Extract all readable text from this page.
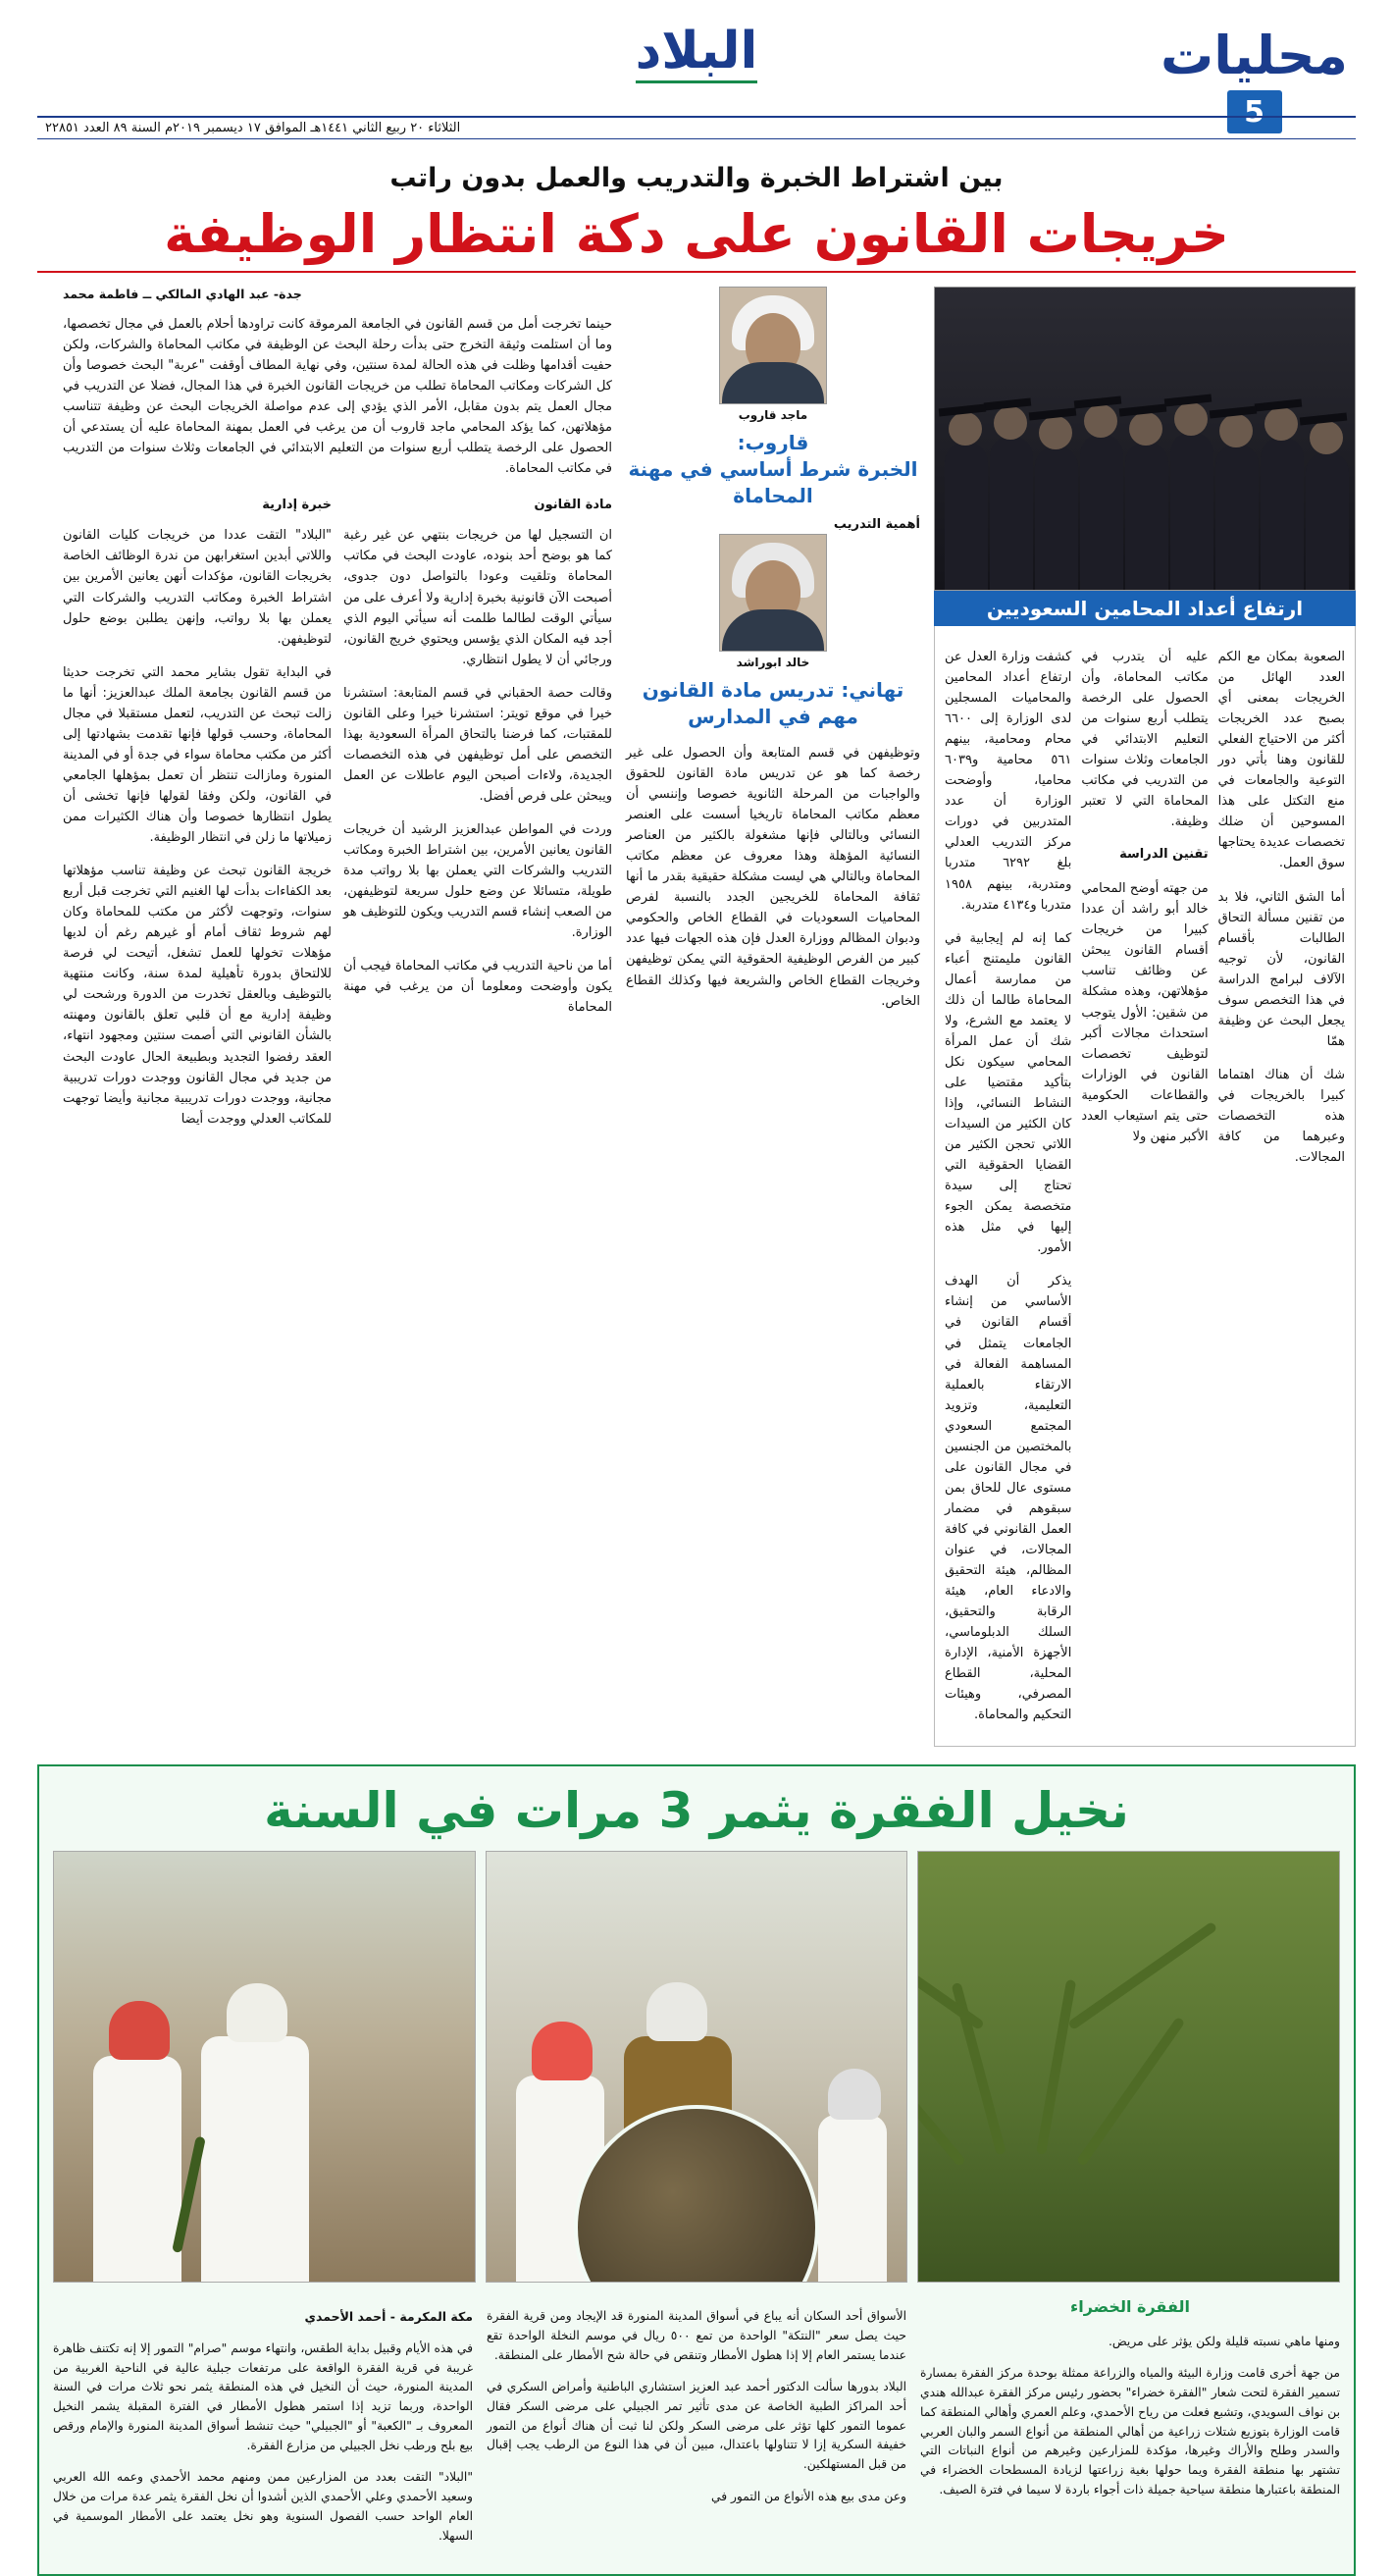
محليات
5
البلاد
الثلاثاء ٢٠ ربيع الثاني ١٤٤١هـ الموافق ١٧ ديسمبر ٢٠١٩م السنة ٨٩ العدد ٢٢٨٥١
بين اشتراط الخبرة والتدريب والعمل بدون راتب
خريجات القانون على دكة انتظار الوظيفة
ارتفاع أعداد المحامين السعوديين

الصعوبة بمكان مع الكم العدد الهائل من الخريجات بمعنى أي بصبح عدد الخريجات أكثر من الاحتياج الفعلي للقانون وهنا بأتي دور التوعية والجامعات في منع التكتل على هذا المسوحين أن ضلك تخصصات عديدة يحتاجها سوق العمل.

أما الشق الثاني، فلا بد من تقنين مسألة التحاق الطالبات بأقسام القانون، لأن توجيه الآلاف لبرامج الدراسة في هذا التخصص سوف يجعل البحث عن وظيفة همّا

شك أن هناك اهتماما كبيرا بالخريجات في هذه التخصصات وعبرهما من كافة المجالات.

عليه أن يتدرب في مكاتب المحاماة، وأن الحصول على الرخصة يتطلب أربع سنوات من التعليم الابتدائي في الجامعات وثلاث سنوات من التدريب في مكاتب المحاماة التي لا تعتبر وظيفة.

تقنين الدراسة

من جهته أوضح المحامي خالد أبو راشد أن عددا كبيرا من خريجات أقسام القانون يبحثن عن وظائف تناسب مؤهلاتهن، وهذه مشكلة من شقين: الأول يتوجب استحداث مجالات أكبر لتوظيف تخصصات القانون في الوزارات والقطاعات الحكومية حتى يتم استيعاب العدد الأكبر منهن ولا

كشفت وزارة العدل عن ارتفاع أعداد المحامين والمحاميات المسجلين لدى الوزارة إلى ٦٦٠٠ محام ومحامية، بينهم ٥٦١ محامية و٦٠٣٩ محاميا، وأوضحت الوزارة أن عدد المتدربين في دورات مركز التدريب العدلي بلغ ٦٢٩٢ متدربا ومتدربة، بينهم ١٩٥٨ متدربا و٤١٣٤ متدربة.

كما إنه لم إيجابية في القانون مليمتنج أعباء من ممارسة أعمال المحاماة طالما أن ذلك لا يعتمد مع الشرع، ولا شك أن عمل المرأة المحامي سيكون نكل بتأكيد مقتضيا على النشاط النسائي، وإذا كان الكثير من السيدات اللاتي تحجن الكثير من القضايا الحقوقية التي تحتاج إلى سيدة متخصصة يمكن الجوء إليها في مثل هذه الأمور.

يذكر أن الهدف الأساسي من إنشاء أقسام القانون في الجامعات يتمثل في المساهمة الفعالة في الارتقاء بالعملية التعليمية، وتزويد المجتمع السعودي بالمختصين من الجنسين في مجال القانون على مستوى عال للحاق بمن سبقوهم في مضمار العمل القانوني في كافة المجالات، في عنوان المظالم، هيئة التحقيق والادعاء العام، هيئة الرقابة والتحقيق، السلك الدبلوماسي، الأجهزة الأمنية، الإدارة المحلية، القطاع المصرفي، وهيئات التحكيم والمحاماة.

ماجد قاروب
قاروب:
الخبرة شرط أساسي في مهنة المحاماة
أهمية التدريب
خالد ابوراشد
تهاني: تدريس مادة القانون مهم في المدارس

وتوظيفهن في قسم المتابعة وأن الحصول على غير رخصة كما هو عن تدريس مادة القانون للحقوق والواجبات من المرحلة الثانوية خصوصا وإننسي أن معظم مكاتب المحاماة تاريخيا أسست على العنصر النسائي وبالتالي فإنها مشغولة بالكثير من العناصر النسائية المؤهلة وهذا معروف عن معظم مكاتب المحاماة وبالتالي هي ليست مشكلة حقيقية بقدر ما أنها ثقافة المحاماة للخريجين الجدد بالنسبة لفرص المحاميات السعوديات في القطاع الخاص والحكومي ودبوان المظالم ووزارة العدل فإن هذه الجهات فيها عدد كبير من الفرص الوظيفية الحقوقية التي يمكن توظيفهن وخريجات القطاع الخاص والشريعة فيها وكذلك القطاع الخاص.

جدة- عبد الهادي المالكي ــ فاطمة محمد

حينما تخرجت أمل من قسم القانون في الجامعة المرموقة كانت تراودها أحلام بالعمل في مجال تخصصها، وما أن استلمت وثيقة التخرج حتى بدأت رحلة البحث عن الوظيفة في مكاتب المحاماة والشركات، ولكن حفيت أقدامها وظلت في هذه الحالة لمدة سنتين، وفي نهاية المطاف أوقفت "عربة" البحث خصوصا وأن كل الشركات ومكاتب المحاماة تطلب من خريجات القانون الخبرة في هذا المجال، فضلا عن التدريب في مجال العمل يتم بدون مقابل، الأمر الذي يؤدي إلى عدم مواصلة الخريجات البحث عن وظيفة تتناسب مؤهلاتهن، كما يؤكد المحامي ماجد قاروب أن من يرغب في العمل بمهنة المحاماة عليه أن يستدعي أن الحصول على الرخصة يتطلب أربع سنوات من التعليم الابتدائي في الجامعات وثلاث سنوات من التدريب في مكاتب المحاماة.

مادة القانون

ان التسجيل لها من خريجات بنتهي عن غير رغبة كما هو بوضح أحد بنوده، عاودت البحث في مكاتب المحاماة وتلقيت وعودا بالتواصل دون جدوى، أصبحت الآن قانونية بخبرة إدارية ولا أعرف على من سيأتي الوقت لطالما طلمت أنه سيأتي اليوم الذي أجد فيه المكان الذي يؤسس ويحتوي خريج القانون، ورجائي أن لا يطول انتظاري.

وقالت حصة الحقباني في قسم المتابعة: استشرنا خيرا في موقع تويتر: استشرنا خيرا وعلى القانون للمقتبات، كما فرضنا بالتحاق المرأة السعودية بهذا التخصص على أمل توظيفهن في هذه التخصصات الجديدة، ولاءات أصبحن اليوم عاطلات عن العمل ويبحثن على فرص أفضل.

وردت في المواطن عبدالعزيز الرشيد أن خريجات القانون يعانين الأمرين، بين اشتراط الخبرة ومكاتب التدريب والشركات التي يعملن بها بلا رواتب مدة طويلة، متسائلا عن وضع حلول سريعة لتوظيفهن، من الصعب إنشاء قسم التدريب ويكون للتوظيف هو الوزارة.

أما من ناحية التدريب في مكاتب المحاماة فيجب أن يكون وأوضحت ومعلوما أن من يرغب في مهنة المحاماة

خبرة إدارية

"البلاد" التقت عددا من خريجات كليات القانون واللاتي أبدين استغرابهن من ندرة الوظائف الخاصة بخريجات القانون، مؤكدات أنهن يعانين الأمرين بين اشتراط الخبرة ومكاتب التدريب والشركات التي يعملن بها بلا رواتب، وإنهن يطلبن بوضع حلول لتوظيفهن.

في البداية تقول بشاير محمد التي تخرجت حديثا من قسم القانون بجامعة الملك عبدالعزيز: أنها ما زالت تبحث عن التدريب، لتعمل مستقبلا في مجال المحاماة، وحسب قولها فإنها تقدمت بشهادتها إلى أكثر من مكتب محاماة سواء في جدة أو في المدينة المنورة ومازالت تنتظر أن تعمل بمؤهلها الجامعي في القانون، ولكن وفقا لقولها فإنها تخشى أن يطول انتظارها خصوصا وأن هناك الكثيرات ممن زميلاتها ما زلن في انتظار الوظيفة.

خريجة القانون تبحث عن وظيفة تناسب مؤهلاتها بعد الكفاءات بدأت لها الغنيم التي تخرجت قبل أربع سنوات، وتوجهت لأكثر من مكتب للمحاماة وكان لهم شروط ثقاف أمام أو غيرهم رغم أن لديها مؤهلات تخولها للعمل تشغل، أتيحت لي فرصة للالتحاق بدورة تأهيلية لمدة سنة، وكانت منتهية بالتوظيف وبالعقل تخدرت من الدورة ورشحت لي وظيفة إدارية مع أن قلبي تعلق بالقانون ومهنته بالشأن القانوني التي أصمت سنتين ومجهود انتهاء، العقد رفضوا التجديد وبطبيعة الحال عاودت البحث من جديد في مجال القانون ووجدت دورات تدريبية مجانية، ووجدت دورات تدريبية مجانية وأيضا توجهت للمكاتب العدلي ووجدت أيضا

نخيل الفقرة يثمر 3 مرات في السنة
الفقرة الخضراء

ومنها ماهي نسبته قليلة ولكن يؤثر على مريض.

من جهة أخرى قامت وزارة البيئة والمياه والزراعة ممثلة بوحدة مركز الفقرة بمسارة تسمير الفقرة لتحت شعار "الفقرة خضراء" بحضور رئيس مركز الفقرة عبدالله هندي بن نواف السويدي، وتشبع فعلت من رياح الأحمدي، وعلم العمري وأهالي المنطقة كما قامت الوزارة بتوزيع شتلات زراعية من أهالي المنطقة من أنواع السمر والبان العربي والسدر وطلح والأراك وغيرها، مؤكدة للمزارعين وغيرهم من أنواع النباتات التي تشتهر بها منطقة الفقرة ويما حولها بغية زراعتها لزيادة المسطحات الخضراء في المنطقة باعتبارها منطقة سياحية جميلة ذات أجواء باردة لا سيما في فترة الصيف.

الأسواق أحد السكان أنه يباع في أسواق المدينة المنورة قد الإيجاد ومن قرية الفقرة حيث يصل سعر "النتكة" الواحدة من تمع ٥٠٠ ريال في موسم النخلة الواحدة تقع عندما يستمر العام إلا إذا هطول الأمطار وتنقص في حالة شح الأمطار على المنطقة.

البلاد بدورها سألت الدكتور أحمد عبد العزيز استشاري الباطنية وأمراض السكري في أحد المراكز الطبية الخاصة عن مدى تأثير تمر الجبيلي على مرضى السكر فقال عموما التمور كلها تؤثر على مرضى السكر ولكن لنا ثبت أن هناك أنواع من التمور خفيفة السكرية إزا لا تتناولها باعتدال، مبين أن في هذا النوع من الرطب يجب إقبال من قبل المستهلكين.

وعن مدى بيع هذه الأنواع من التمور في

مكة المكرمة - أحمد الأحمدي

في هذه الأيام وقبيل بداية الطقس، وانتهاء موسم "صرام" التمور إلا إنه تكتنف ظاهرة غريبة في قرية الفقرة الواقعة على مرتفعات جبلية عالية في الناحية الغربية من المدينة المنورة، حيث أن النخيل في هذه المنطقة يثمر نحو ثلاث مرات في السنة الواحدة، وربما تزيد إذا استمر هطول الأمطار في الفترة المقبلة يشمر النخيل المعروف بـ "الكعبة" أو "الجبيلي" حيث تنشط أسواق المدينة المنورة والإمام ورقص بيع بلح ورطب نخل الجبيلي من مزارع الفقرة.

"البلاد" التقت بعدد من المزارعين ممن ومنهم محمد الأحمدي وعمه الله العربي وسعيد الأحمدي وعلي الأحمدي الذين أشدوا أن نخل الفقرة يثمر عدة مرات من خلال العام الواحد حسب الفصول السنوية وهو نخل يعتمد على الأمطار الموسمية في السهلا.
